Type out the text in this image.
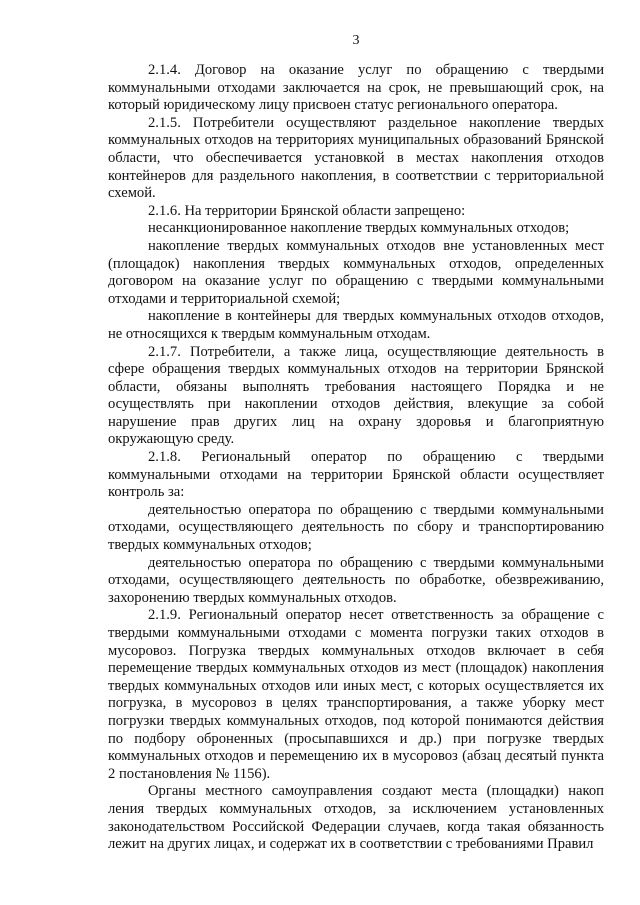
3

2.1.4. Договор на оказание услуг по обращению с твердыми коммунальными отходами заключается на срок, не превышающий срок, на который юридическому лицу присвоен статус регионального оператора.

2.1.5. Потребители осуществляют раздельное накопление твердых коммунальных отходов на территориях муниципальных образований Брянской области, что обеспечивается установкой в местах накопления отходов контейнеров для раздельного накопления, в соответствии с территориальной схемой.

2.1.6. На территории Брянской области запрещено:

несанкционированное накопление твердых коммунальных отходов;

накопление твердых коммунальных отходов вне установленных мест (площадок) накопления твердых коммунальных отходов, определенных договором на оказание услуг по обращению с твердыми коммунальными отходами и территориальной схемой;

накопление в контейнеры для твердых коммунальных отходов отходов, не относящихся к твердым коммунальным отходам.

2.1.7. Потребители, а также лица, осуществляющие деятельность в сфере обращения твердых коммунальных отходов на территории Брянской области, обязаны выполнять требования настоящего Порядка и не осуществлять при накоплении отходов действия, влекущие за собой нарушение прав других лиц на охрану здоровья и благоприятную окружающую среду.

2.1.8. Региональный оператор по обращению с твердыми коммунальными отходами на территории Брянской области осуществляет контроль за:

деятельностью оператора по обращению с твердыми коммунальными отходами, осуществляющего деятельность по сбору и транспортированию твердых коммунальных отходов;

деятельностью оператора по обращению с твердыми коммунальными отходами, осуществляющего деятельность по обработке, обезвреживанию, захоронению твердых коммунальных отходов.

2.1.9. Региональный оператор несет ответственность за обращение с твердыми коммунальными отходами с момента погрузки таких отходов в мусоровоз. Погрузка твердых коммунальных отходов включает в себя перемещение твердых коммунальных отходов из мест (площадок) накопления твердых коммунальных отходов или иных мест, с которых осуществляется их погрузка, в мусоровоз в целях транспортирования, а также уборку мест погрузки твердых коммунальных отходов, под которой понимаются действия по подбору оброненных (просыпавшихся и др.) при погрузке твердых коммунальных отходов и перемещению их в мусоровоз (абзац десятый пункта 2 постановления № 1156).

Органы местного самоуправления создают места (площадки) накоп ления твердых коммунальных отходов, за исключением установленных законодательством Российской Федерации случаев, когда такая обязанность лежит на других лицах, и содержат их в соответствии с требованиями Правил
